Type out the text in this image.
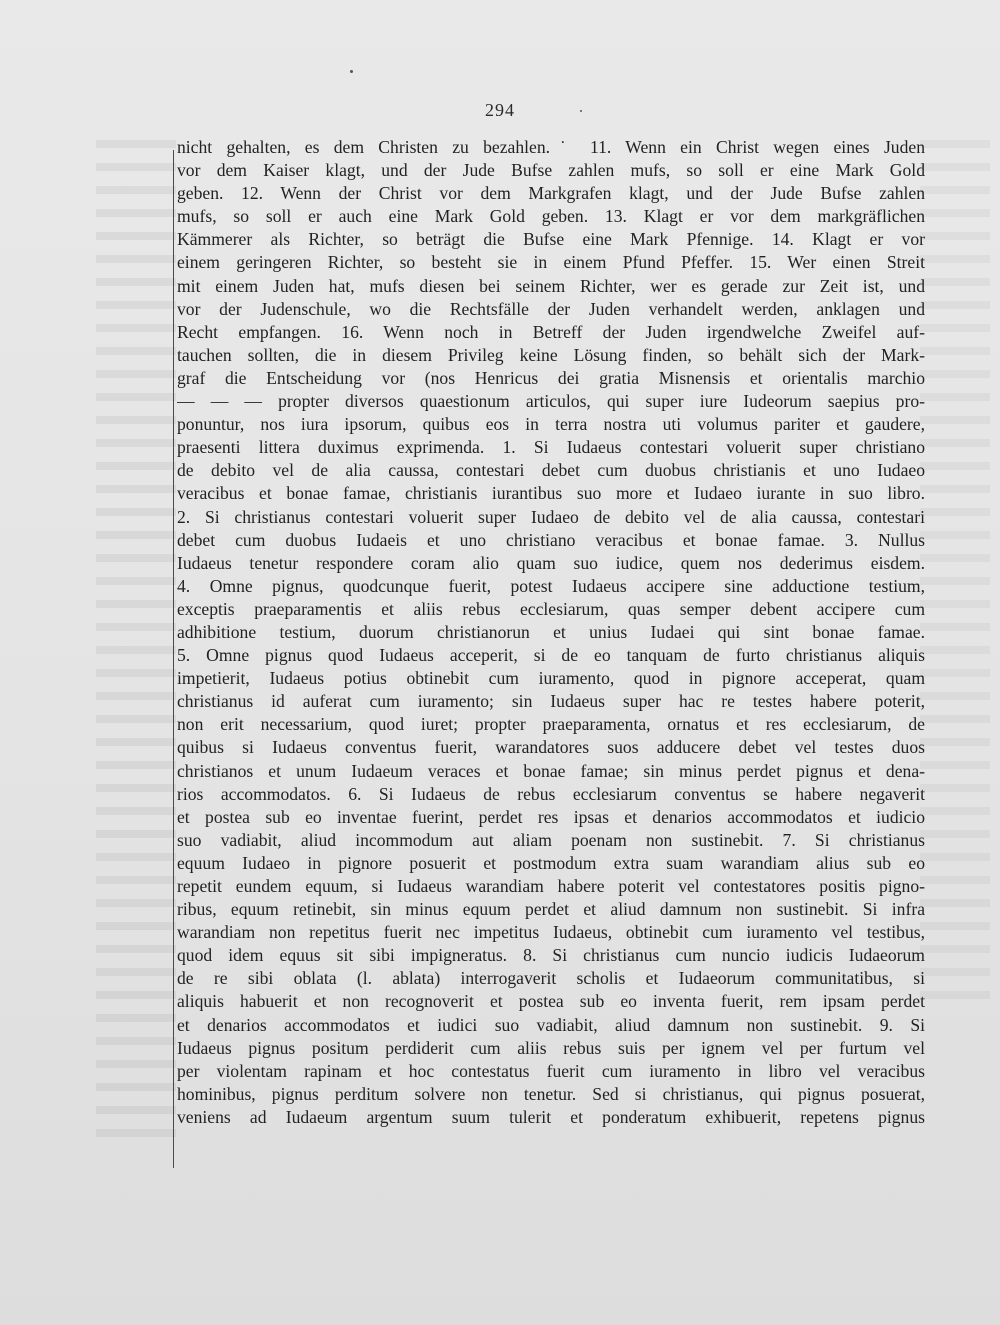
294
nicht gehalten, es dem Christen zu bezahlen.˙ 11. Wenn ein Christ wegen eines Juden
vor dem Kaiser klagt, und der Jude Bufse zahlen mufs, so soll er eine Mark Gold
geben. 12. Wenn der Christ vor dem Markgrafen klagt, und der Jude Bufse zahlen
mufs, so soll er auch eine Mark Gold geben. 13. Klagt er vor dem markgräflichen
Kämmerer als Richter, so beträgt die Bufse eine Mark Pfennige. 14. Klagt er vor
einem geringeren Richter, so besteht sie in einem Pfund Pfeffer. 15. Wer einen Streit
mit einem Juden hat, mufs diesen bei seinem Richter, wer es gerade zur Zeit ist, und
vor der Judenschule, wo die Rechtsfälle der Juden verhandelt werden, anklagen und
Recht empfangen. 16. Wenn noch in Betreff der Juden irgendwelche Zweifel auf-
tauchen sollten, die in diesem Privileg keine Lösung finden, so behält sich der Mark-
graf die Entscheidung vor (nos Henricus dei gratia Misnensis et orientalis marchio
— — — propter diversos quaestionum articulos, qui super iure Iudeorum saepius pro-
ponuntur, nos iura ipsorum, quibus eos in terra nostra uti volumus pariter et gaudere,
praesenti littera duximus exprimenda. 1. Si Iudaeus contestari voluerit super christiano
de debito vel de alia caussa, contestari debet cum duobus christianis et uno Iudaeo
veracibus et bonae famae, christianis iurantibus suo more et Iudaeo iurante in suo libro.
2. Si christianus contestari voluerit super Iudaeo de debito vel de alia caussa, contestari
debet cum duobus Iudaeis et uno christiano veracibus et bonae famae. 3. Nullus
Iudaeus tenetur respondere coram alio quam suo iudice, quem nos dederimus eisdem.
4. Omne pignus, quodcunque fuerit, potest Iudaeus accipere sine adductione testium,
exceptis praeparamentis et aliis rebus ecclesiarum, quas semper debent accipere cum
adhibitione testium, duorum christianorun et unius Iudaei qui sint bonae famae.
5. Omne pignus quod Iudaeus acceperit, si de eo tanquam de furto christianus aliquis
impetierit, Iudaeus potius obtinebit cum iuramento, quod in pignore acceperat, quam
christianus id auferat cum iuramento; sin Iudaeus super hac re testes habere poterit,
non erit necessarium, quod iuret; propter praeparamenta, ornatus et res ecclesiarum, de
quibus si Iudaeus conventus fuerit, warandatores suos adducere debet vel testes duos
christianos et unum Iudaeum veraces et bonae famae; sin minus perdet pignus et dena-
rios accommodatos. 6. Si Iudaeus de rebus ecclesiarum conventus se habere negaverit
et postea sub eo inventae fuerint, perdet res ipsas et denarios accommodatos et iudicio
suo vadiabit, aliud incommodum aut aliam poenam non sustinebit. 7. Si christianus
equum Iudaeo in pignore posuerit et postmodum extra suam warandiam alius sub eo
repetit eundem equum, si Iudaeus warandiam habere poterit vel contestatores positis pigno-
ribus, equum retinebit, sin minus equum perdet et aliud damnum non sustinebit. Si infra
warandiam non repetitus fuerit nec impetitus Iudaeus, obtinebit cum iuramento vel testibus,
quod idem equus sit sibi impigneratus. 8. Si christianus cum nuncio iudicis Iudaeorum
de re sibi oblata (l. ablata) interrogaverit scholis et Iudaeorum communitatibus, si
aliquis habuerit et non recognoverit et postea sub eo inventa fuerit, rem ipsam perdet
et denarios accommodatos et iudici suo vadiabit, aliud damnum non sustinebit. 9. Si
Iudaeus pignus positum perdiderit cum aliis rebus suis per ignem vel per furtum vel
per violentam rapinam et hoc contestatus fuerit cum iuramento in libro vel veracibus
hominibus, pignus perditum solvere non tenetur. Sed si christianus, qui pignus posuerat,
veniens ad Iudaeum argentum suum tulerit et ponderatum exhibuerit, repetens pignus
